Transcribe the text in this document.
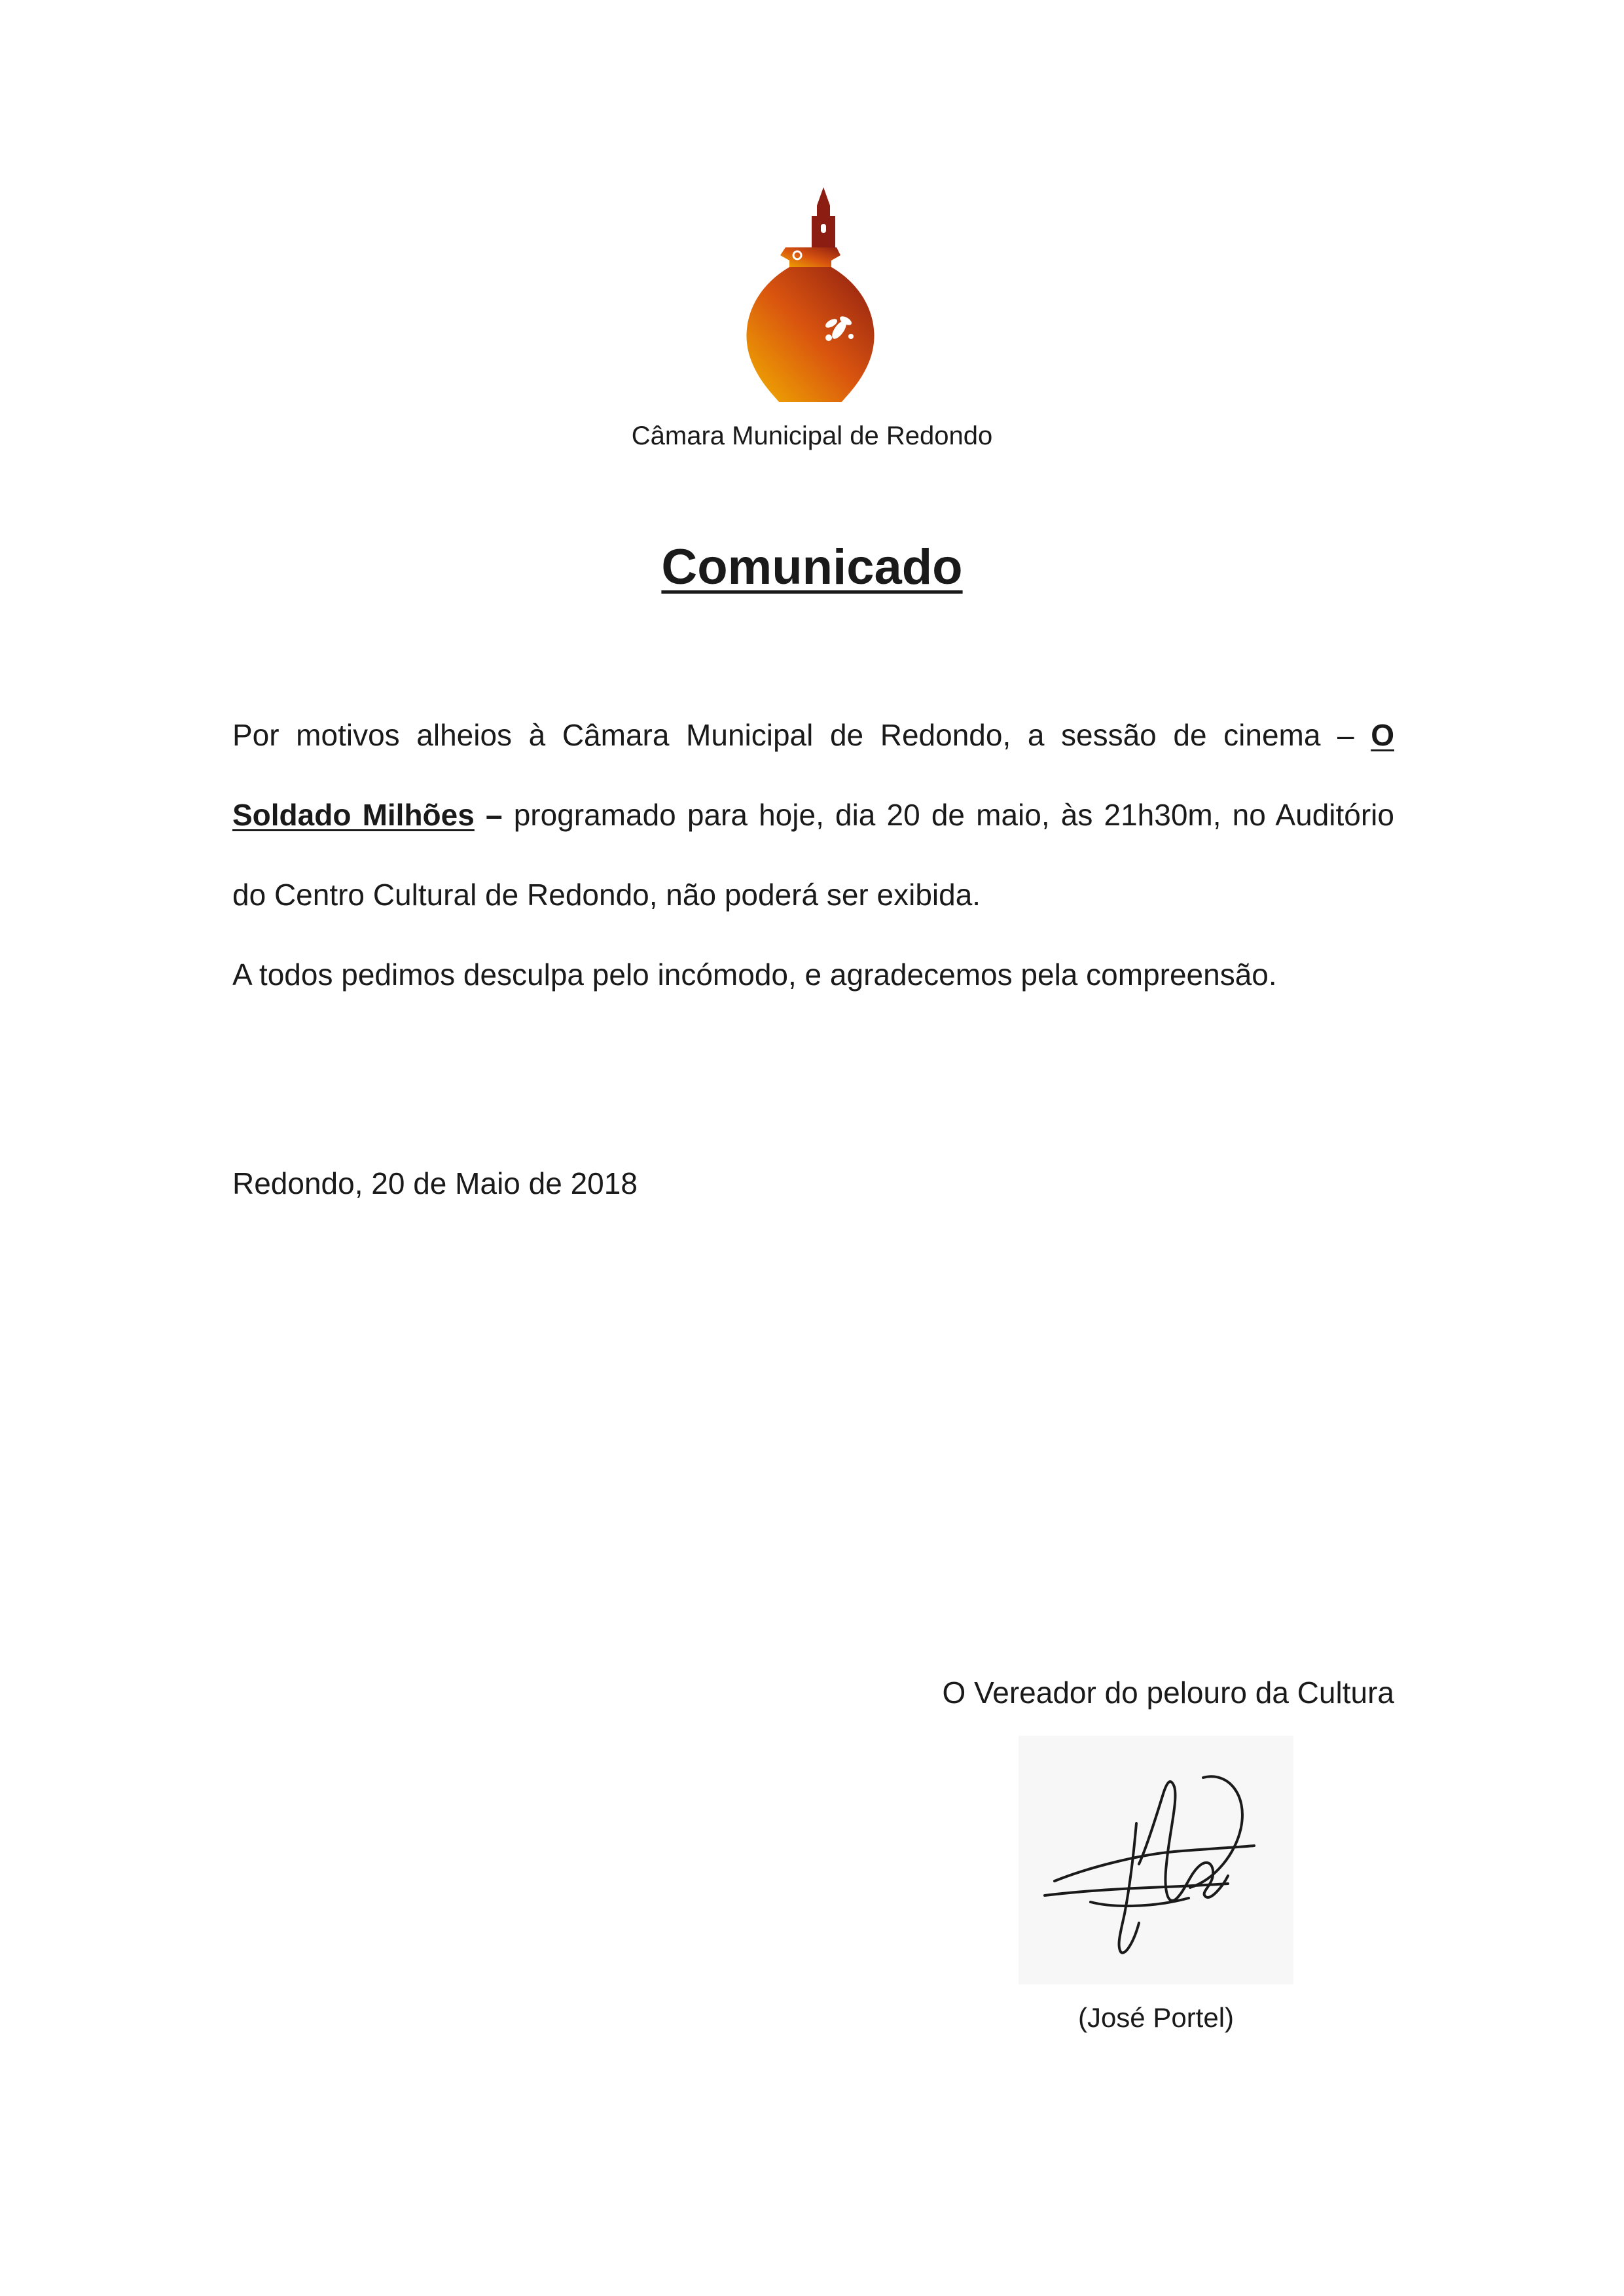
Câmara Municipal de Redondo
Comunicado
Por motivos alheios à Câmara Municipal de Redondo, a sessão de cinema – O Soldado Milhões – programado para hoje, dia 20 de maio, às 21h30m, no Auditório do Centro Cultural de Redondo, não poderá ser exibida.
A todos pedimos desculpa pelo incómodo, e agradecemos pela compreensão.
Redondo, 20 de Maio de 2018
O Vereador do pelouro da Cultura
(José Portel)
